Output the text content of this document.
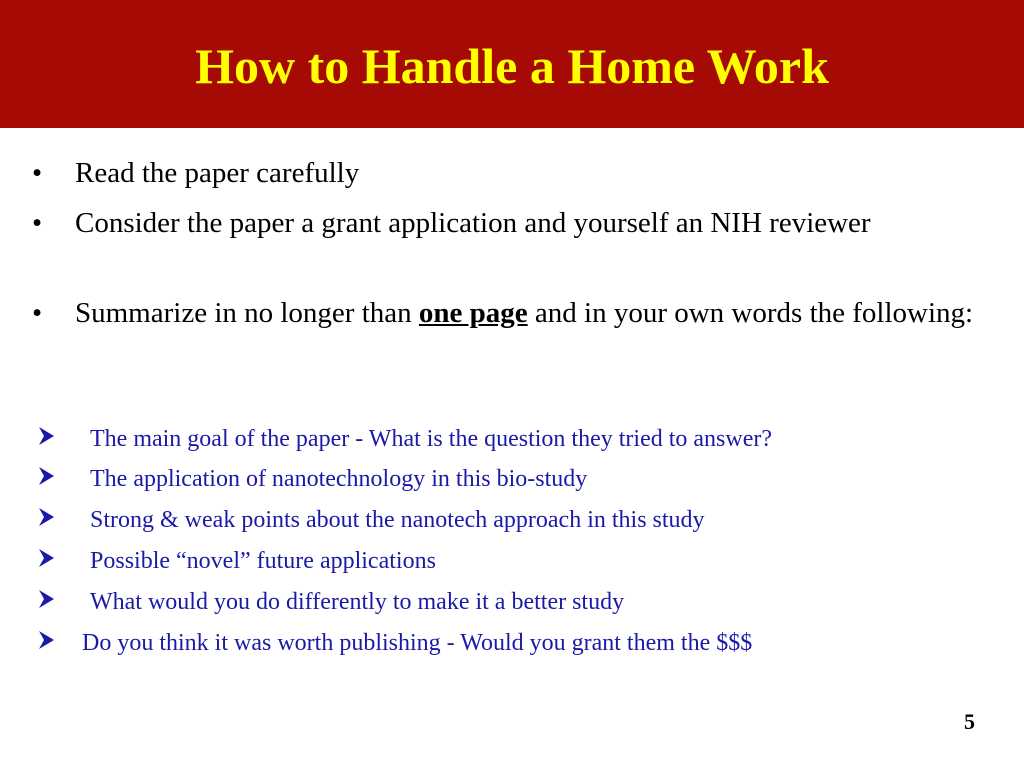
How to Handle a Home Work
• Read the paper carefully
• Consider the paper a grant application and yourself an NIH reviewer
• Summarize in no longer than one page and in your own words the following:
The main goal of the paper - What is the question they tried to answer?
The application of nanotechnology in this bio-study
Strong & weak points about the nanotech approach in this study
Possible “novel” future applications
What would you do differently to make it a better study
Do you think it was worth publishing - Would you grant them the $$$
5
